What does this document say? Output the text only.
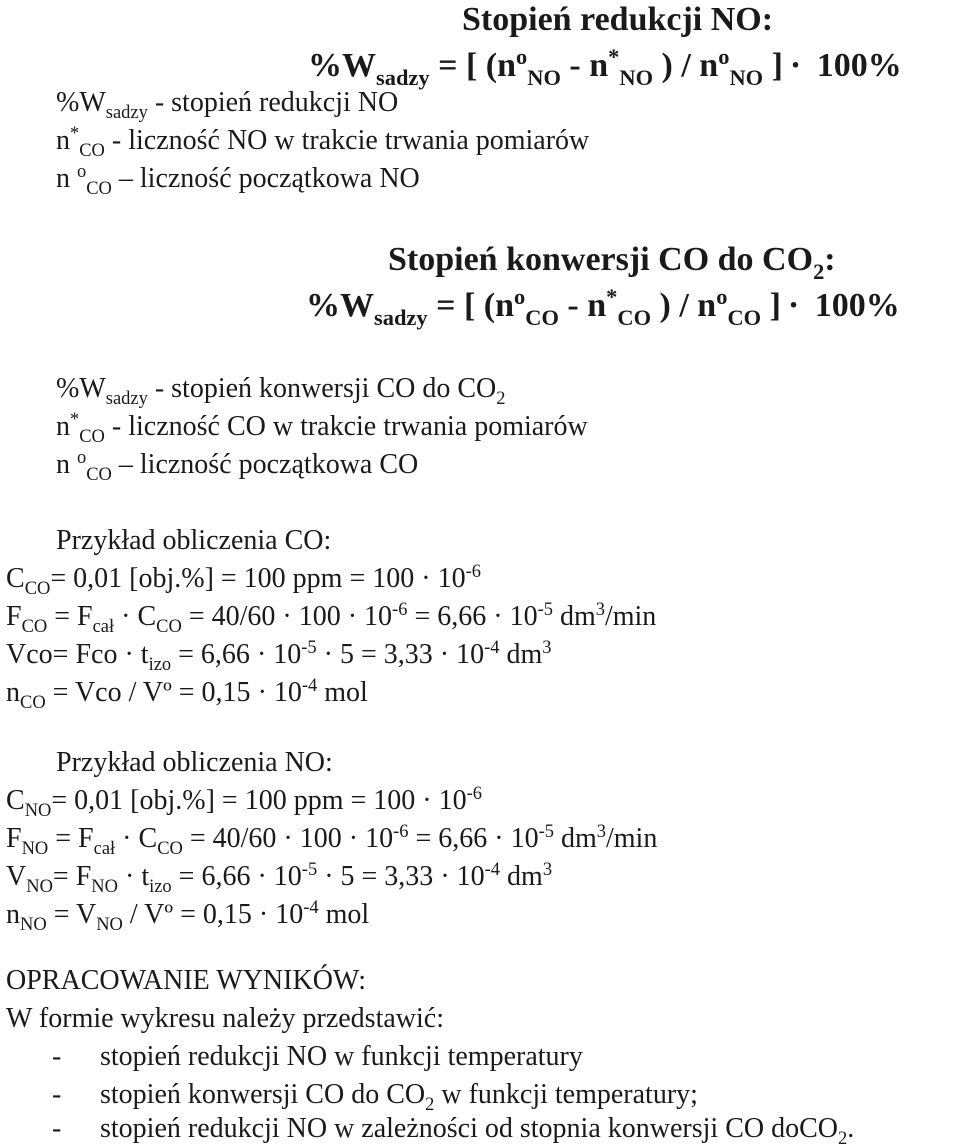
Stopień redukcji NO:
$\%W_{sadzy}$ = [ ($n^o_{NO} - n^*_{NO}$ ) / $n^o_{NO}$ ] · 100%
$\%W_{sadzy}$ - stopień redukcji NO
$n^*_{CO}$ - liczność NO w trakcie trwania pomiarów
n $^o_{CO}$ – liczność początkowa NO
Stopień konwersji CO do $CO_2$:
$\%W_{sadzy}$ = [ ($n^o_{CO} - n^*_{CO}$ ) / $n^o_{CO}$ ] · 100%
$\%W_{sadzy}$ - stopień konwersji CO do $CO_2$
$n^*_{CO}$ - liczność CO w trakcie trwania pomiarów
n $^o_{CO}$ – liczność początkowa CO
Przykład obliczenia CO:
$C_{CO}= 0,01$ [obj.%] = 100 ppm = $100 \cdot 10^{-6}$
$F_{CO} = F_{cał} \cdot C_{CO} = 40/60 \cdot 100 \cdot 10^{-6} = 6,66 \cdot 10^{-5}$ $dm^3/\min$
Vco= Fco · $t_{izo} = 6,66 \cdot 10^{-5} \cdot 5 = 3,33 \cdot 10^{-4}$ $dm^3$
$n_{CO}$ = Vco / Vº = $0,15 \cdot 10^{-4}$ mol
Przykład obliczenia NO:
$C_{NO}= 0,01$ [obj.%] = 100 ppm = $100 \cdot 10^{-6}$
$F_{NO} = F_{cał} \cdot C_{CO} = 40/60 \cdot 100 \cdot 10^{-6} = 6,66 \cdot 10^{-5}$ $dm^3/\min$
$V_{NO}= F_{NO} \cdot t_{izo} = 6,66 \cdot 10^{-5} \cdot 5 = 3,33 \cdot 10^{-4}$ $dm^3$
$n_{NO} = V_{NO}$ / Vº = $0,15 \cdot 10^{-4}$ mol
OPRACOWANIE WYNIKÓW:
W formie wykresu należy przedstawić:
- stopień redukcji NO w funkcji temperatury
- stopień konwersji CO do $CO_2$ w funkcji temperatury;
- stopień redukcji NO w zależności od stopnia konwersji CO doCO$_2$.
